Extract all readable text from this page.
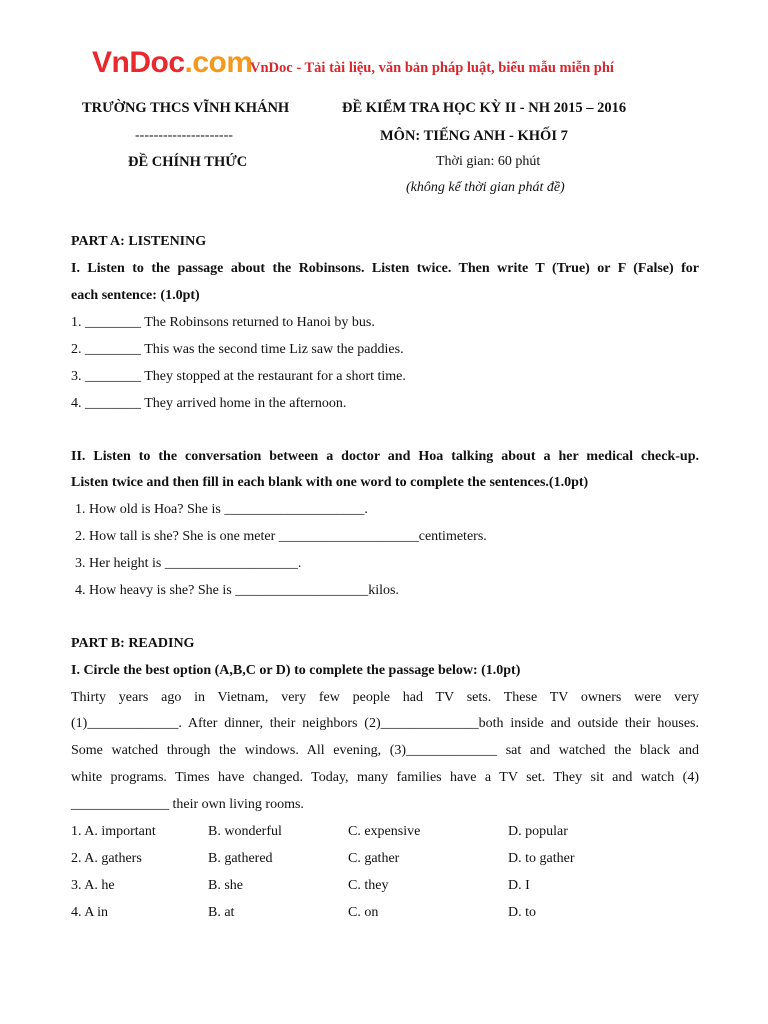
VnDoc.com
VnDoc - Tải tài liệu, văn bản pháp luật, biểu mẫu miễn phí
TRƯỜNG THCS VĨNH KHÁNH
---------------------
ĐỀ CHÍNH THỨC
ĐỀ KIỂM TRA HỌC KỲ II - NH 2015 – 2016
MÔN: TIẾNG ANH - KHỐI 7
Thời gian: 60 phút
(không kể thời gian phát đề)
PART A: LISTENING
I. Listen to the passage about the Robinsons. Listen twice. Then write T (True) or F (False) for
each sentence: (1.0pt)
1. ________ The Robinsons returned to Hanoi by bus.
2. ________ This was the second time Liz saw the paddies.
3. ________ They stopped at the restaurant for a short time.
4. ________ They arrived home in the afternoon.
II. Listen to the conversation between a doctor and Hoa talking about a her medical check-up.
Listen twice and then fill in each blank with one word to complete the sentences.(1.0pt)
1. How old is Hoa? She is ____________________.
2. How tall is she? She is one meter ____________________centimeters.
3. Her height is ___________________.
4. How heavy is she? She is ___________________kilos.
PART B: READING
I. Circle the best option (A,B,C or D) to complete the passage below: (1.0pt)
Thirty years ago in Vietnam, very few people had TV sets. These TV owners were very
(1)_____________. After dinner, their neighbors (2)______________both inside and outside their houses.
Some watched through the windows. All evening, (3)_____________ sat and watched the black and
white programs. Times have changed. Today, many families have a TV set. They sit and watch (4)
______________ their own living rooms.
1. A. important	B. wonderful	C. expensive	D. popular
2. A. gathers	B. gathered	C. gather	D. to gather
3. A. he	B. she	C. they	D. I
4. A in	B. at	C. on	D. to
